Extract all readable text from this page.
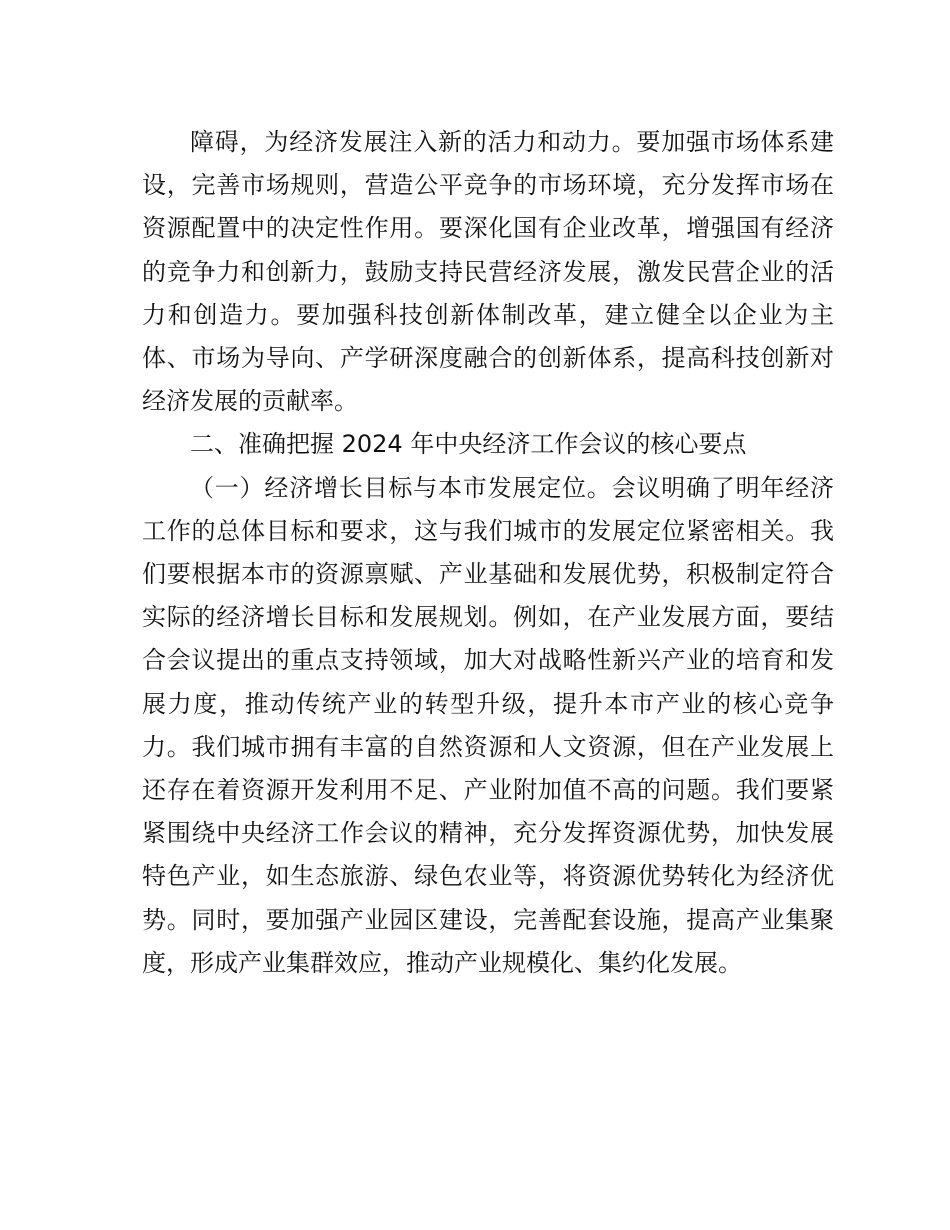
障碍，为经济发展注入新的活力和动力。要加强市场体系建设，完善市场规则，营造公平竞争的市场环境，充分发挥市场在资源配置中的决定性作用。要深化国有企业改革，增强国有经济的竞争力和创新力，鼓励支持民营经济发展，激发民营企业的活力和创造力。要加强科技创新体制改革，建立健全以企业为主体、市场为导向、产学研深度融合的创新体系，提高科技创新对经济发展的贡献率。

二、准确把握 2024 年中央经济工作会议的核心要点

（一）经济增长目标与本市发展定位。会议明确了明年经济工作的总体目标和要求，这与我们城市的发展定位紧密相关。我们要根据本市的资源禀赋、产业基础和发展优势，积极制定符合实际的经济增长目标和发展规划。例如，在产业发展方面，要结合会议提出的重点支持领域，加大对战略性新兴产业的培育和发展力度，推动传统产业的转型升级，提升本市产业的核心竞争力。我们城市拥有丰富的自然资源和人文资源，但在产业发展上还存在着资源开发利用不足、产业附加值不高的问题。我们要紧紧围绕中央经济工作会议的精神，充分发挥资源优势，加快发展特色产业，如生态旅游、绿色农业等，将资源优势转化为经济优势。同时，要加强产业园区建设，完善配套设施，提高产业集聚度，形成产业集群效应，推动产业规模化、集约化发展。
